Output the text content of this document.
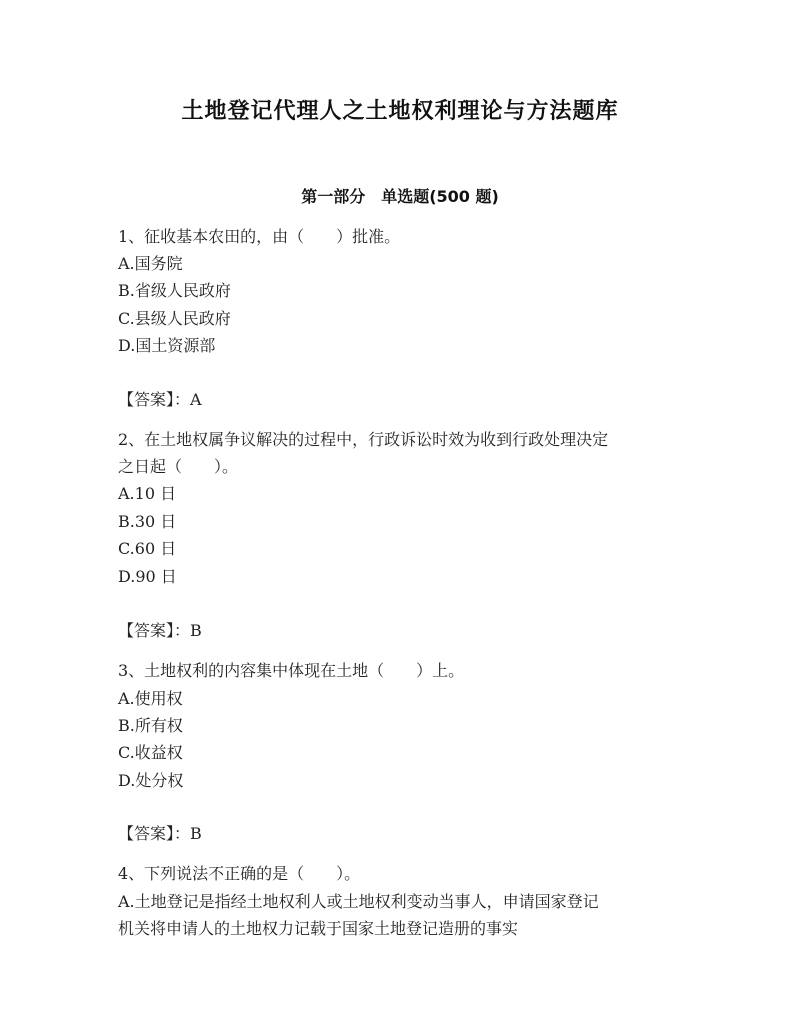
土地登记代理人之土地权利理论与方法题库
第一部分　单选题(500 题)
1、征收基本农田的，由（　　）批准。
A.国务院
B.省级人民政府
C.县级人民政府
D.国土资源部
【答案】：A
2、在土地权属争议解决的过程中，行政诉讼时效为收到行政处理决定
之日起（　　）。
A.10 日
B.30 日
C.60 日
D.90 日
【答案】：B
3、土地权利的内容集中体现在土地（　　）上。
A.使用权
B.所有权
C.收益权
D.处分权
【答案】：B
4、下列说法不正确的是（　　）。
A.土地登记是指经土地权利人或土地权利变动当事人，申请国家登记
机关将申请人的土地权力记载于国家土地登记造册的事实
